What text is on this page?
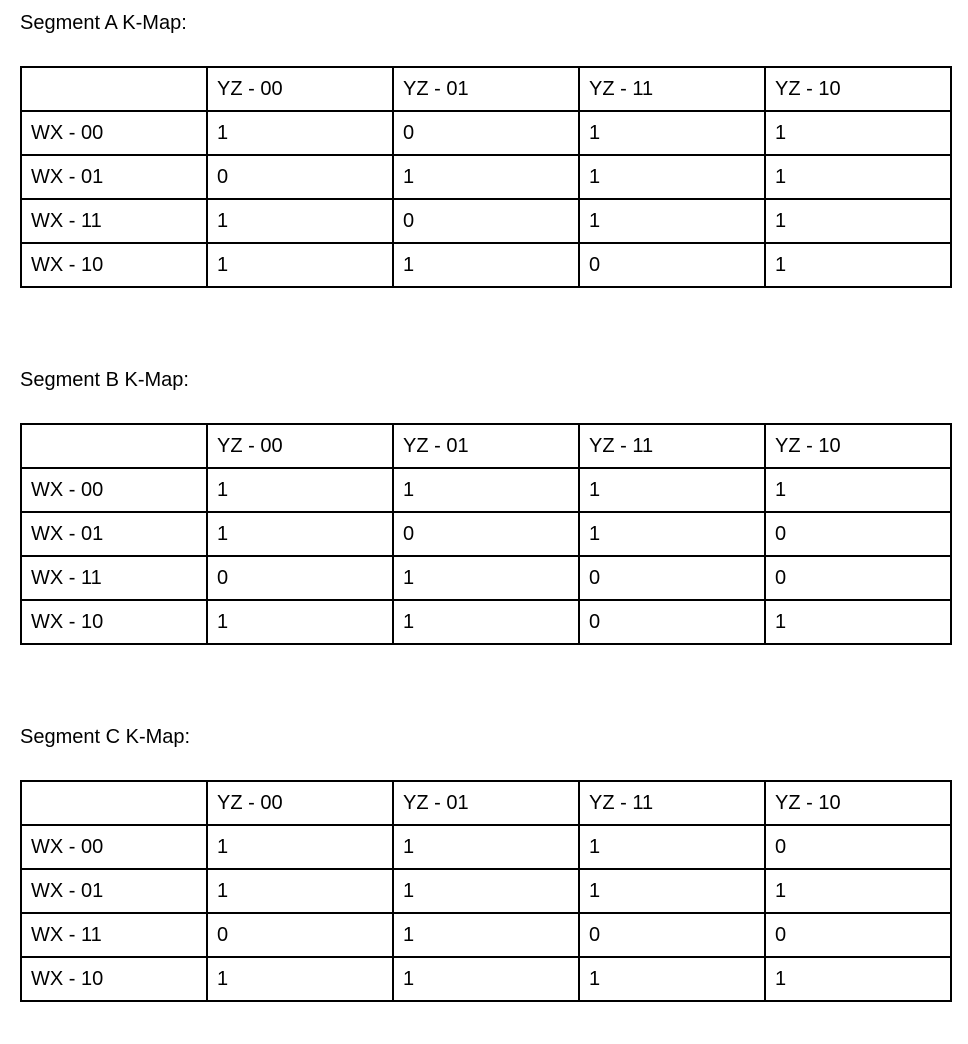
Segment A K-Map:
	YZ - 00	YZ - 01	YZ - 11	YZ - 10
WX - 00	1	0	1	1
WX - 01	0	1	1	1
WX - 11	1	0	1	1
WX - 10	1	1	0	1
Segment B K-Map:
	YZ - 00	YZ - 01	YZ - 11	YZ - 10
WX - 00	1	1	1	1
WX - 01	1	0	1	0
WX - 11	0	1	0	0
WX - 10	1	1	0	1
Segment C K-Map:
	YZ - 00	YZ - 01	YZ - 11	YZ - 10
WX - 00	1	1	1	0
WX - 01	1	1	1	1
WX - 11	0	1	0	0
WX - 10	1	1	1	1
